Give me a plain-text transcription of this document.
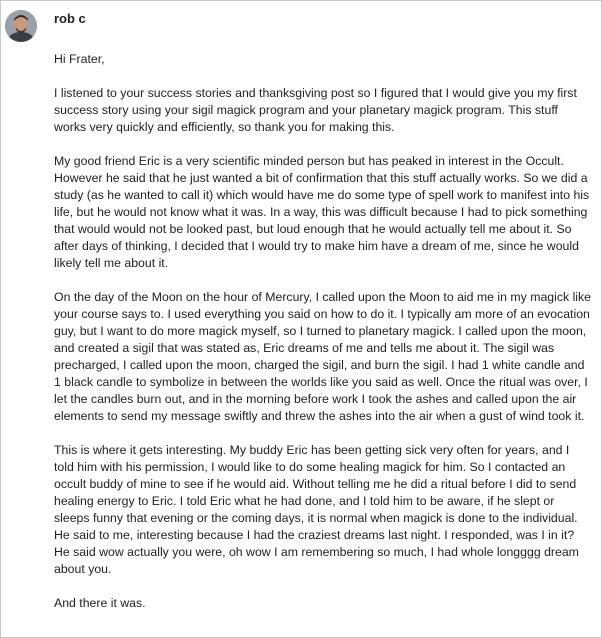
rob c

Hi Frater,

I listened to your success stories and thanksgiving post so I figured that I would give you my first success story using your sigil magick program and your planetary magick program. This stuff works very quickly and efficiently, so thank you for making this.

My good friend Eric is a very scientific minded person but has peaked in interest in the Occult. However he said that he just wanted a bit of confirmation that this stuff actually works. So we did a study (as he wanted to call it) which would have me do some type of spell work to manifest into his life, but he would not know what it was. In a way, this was difficult because I had to pick something that would would not be looked past, but loud enough that he would actually tell me about it. So after days of thinking, I decided that I would try to make him have a dream of me, since he would likely tell me about it.

On the day of the Moon on the hour of Mercury, I called upon the Moon to aid me in my magick like your course says to. I used everything you said on how to do it. I typically am more of an evocation guy, but I want to do more magick myself, so I turned to planetary magick. I called upon the moon, and created a sigil that was stated as, Eric dreams of me and tells me about it. The sigil was precharged, I called upon the moon, charged the sigil, and burn the sigil. I had 1 white candle and 1 black candle to symbolize in between the worlds like you said as well. Once the ritual was over, I let the candles burn out, and in the morning before work I took the ashes and called upon the air elements to send my message swiftly and threw the ashes into the air when a gust of wind took it.

This is where it gets interesting. My buddy Eric has been getting sick very often for years, and I told him with his permission, I would like to do some healing magick for him. So I contacted an occult buddy of mine to see if he would aid. Without telling me he did a ritual before I did to send healing energy to Eric. I told Eric what he had done, and I told him to be aware, if he slept or sleeps funny that evening or the coming days, it is normal when magick is done to the individual. He said to me, interesting because I had the craziest dreams last night. I responded, was I in it? He said wow actually you were, oh wow I am remembering so much, I had whole longggg dream about you.

And there it was.
